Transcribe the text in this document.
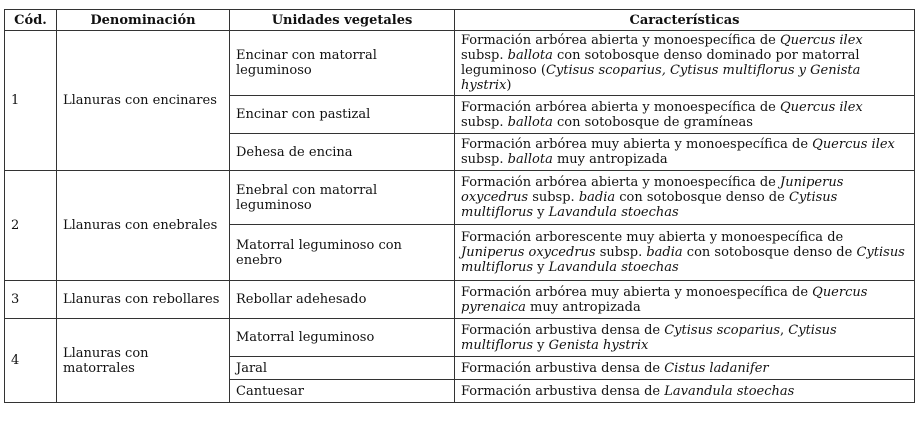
Cód.	Denominación	Unidades vegetales	Características
1	Llanuras con encinares	Encinar con matorral leguminoso	Formación arbórea abierta y monoespecífica de Quercus ilex subsp. ballota con sotobosque denso dominado por matorral leguminoso (Cytisus scoparius, Cytisus multiflorus y Genista hystrix)
		Encinar con pastizal	Formación arbórea abierta y monoespecífica de Quercus ilex subsp. ballota con sotobosque de gramíneas
		Dehesa de encina	Formación arbórea muy abierta y monoespecífica de Quercus ilex subsp. ballota muy antropizada
2	Llanuras con enebrales	Enebral con matorral leguminoso	Formación arbórea abierta y monoespecífica de Juniperus oxycedrus subsp. badia con sotobosque denso de Cytisus multiflorus y Lavandula stoechas
		Matorral leguminoso con enebro	Formación arborescente muy abierta y monoespecífica de Juniperus oxycedrus subsp. badia con sotobosque denso de Cytisus multiflorus y Lavandula stoechas
3	Llanuras con rebollares	Rebollar adehesado	Formación arbórea muy abierta y monoespecífica de Quercus pyrenaica muy antropizada
4	Llanuras con matorrales	Matorral leguminoso	Formación arbustiva densa de Cytisus scoparius, Cytisus multiflorus y Genista hystrix
		Jaral	Formación arbustiva densa de Cistus ladanifer
		Cantuesar	Formación arbustiva densa de Lavandula stoechas
